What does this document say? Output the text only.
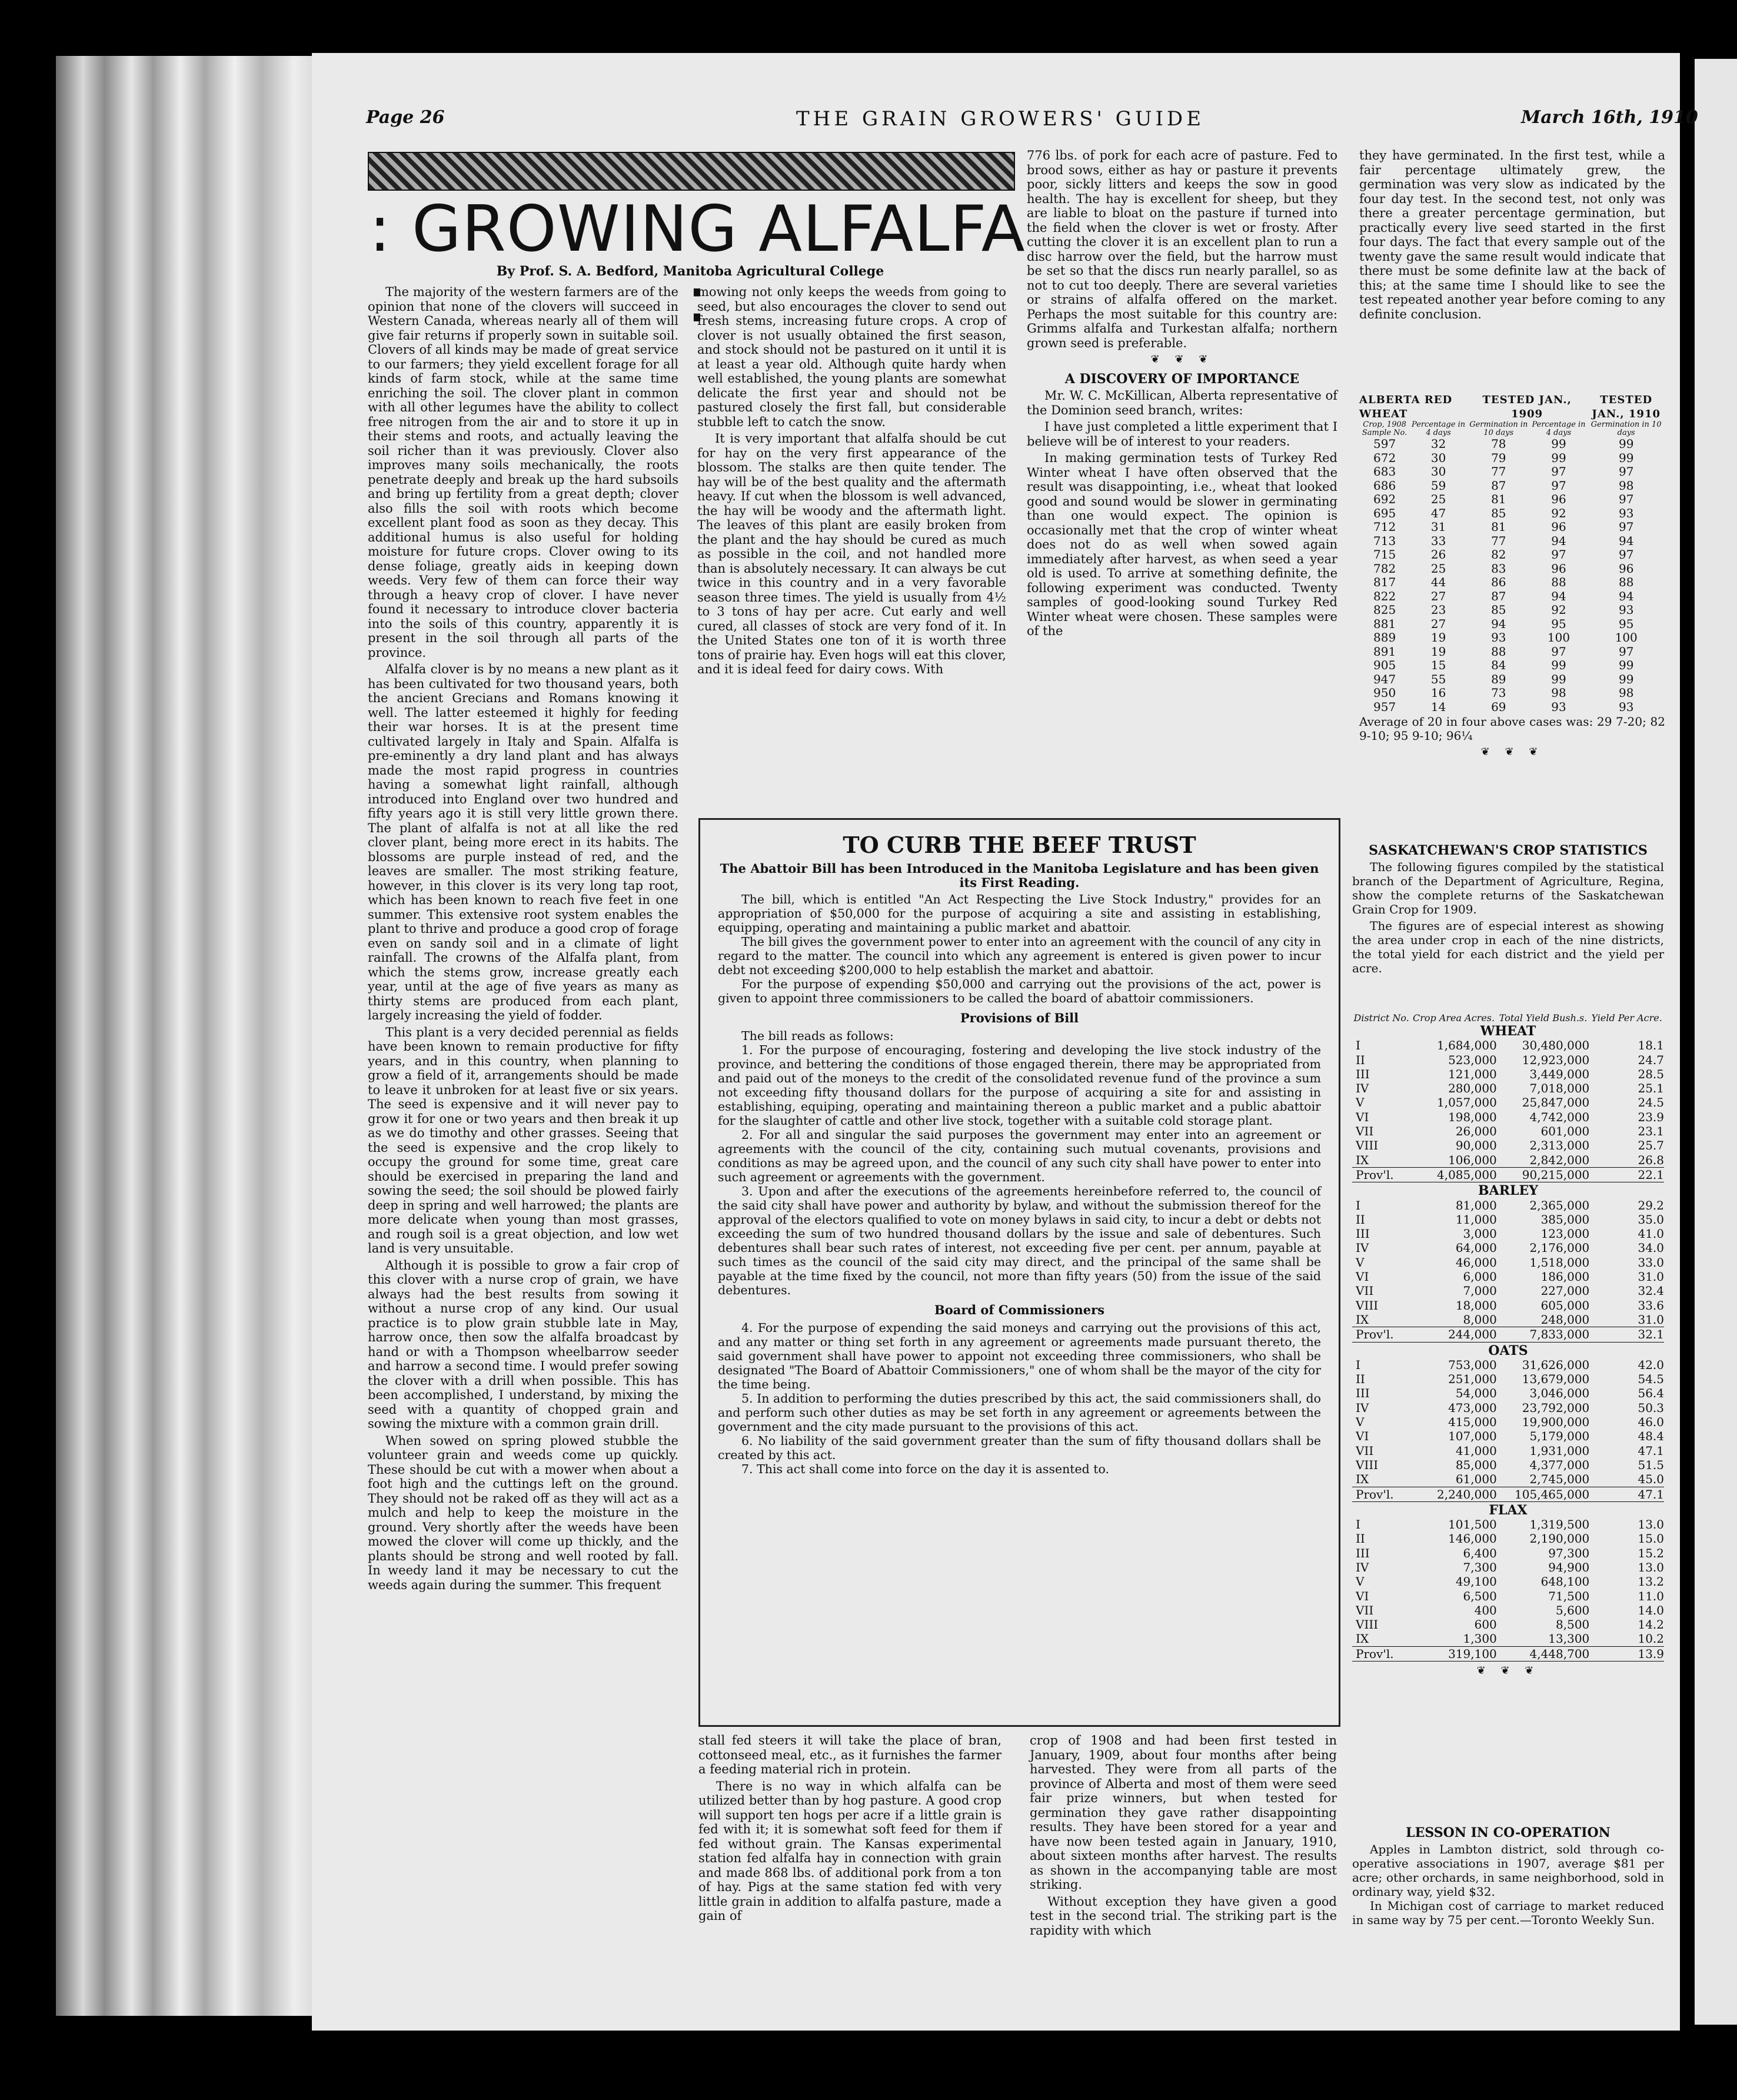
Page 26	THE GRAIN GROWERS' GUIDE	March 16th, 1910
: GROWING ALFALFA :
By Prof. S. A. Bedford, Manitoba Agricultural College

The majority of the western farmers are of the opinion that none of the clovers will succeed in Western Canada, whereas nearly all of them will give fair returns if properly sown in suitable soil. Clovers of all kinds may be made of great service to our farmers; they yield excellent forage for all kinds of farm stock, while at the same time enriching the soil. The clover plant in common with all other legumes have the ability to collect free nitrogen from the air and to store it up in their stems and roots, and actually leaving the soil richer than it was previously. Clover also improves many soils mechanically, the roots penetrate deeply and break up the hard subsoils and bring up fertility from a great depth; clover also fills the soil with roots which become excellent plant food as soon as they decay. This additional humus is also useful for holding moisture for future crops. Clover owing to its dense foliage, greatly aids in keeping down weeds. Very few of them can force their way through a heavy crop of clover. I have never found it necessary to introduce clover bacteria into the soils of this country, apparently it is present in the soil through all parts of the province.

Alfalfa clover is by no means a new plant as it has been cultivated for two thousand years, both the ancient Grecians and Romans knowing it well. The latter esteemed it highly for feeding their war horses. It is at the present time cultivated largely in Italy and Spain. Alfalfa is pre-eminently a dry land plant and has always made the most rapid progress in countries having a somewhat light rainfall, although introduced into England over two hundred and fifty years ago it is still very little grown there. The plant of alfalfa is not at all like the red clover plant, being more erect in its habits. The blossoms are purple instead of red, and the leaves are smaller. The most striking feature, however, in this clover is its very long tap root, which has been known to reach five feet in one summer. This extensive root system enables the plant to thrive and produce a good crop of forage even on sandy soil and in a climate of light rainfall. The crowns of the Alfalfa plant, from which the stems grow, increase greatly each year, until at the age of five years as many as thirty stems are produced from each plant, largely increasing the yield of fodder.

This plant is a very decided perennial as fields have been known to remain productive for fifty years, and in this country, when planning to grow a field of it, arrangements should be made to leave it unbroken for at least five or six years. The seed is expensive and it will never pay to grow it for one or two years and then break it up as we do timothy and other grasses. Seeing that the seed is expensive and the crop likely to occupy the ground for some time, great care should be exercised in preparing the land and sowing the seed; the soil should be plowed fairly deep in spring and well harrowed; the plants are more delicate when young than most grasses, and rough soil is a great objection, and low wet land is very unsuitable.

Although it is possible to grow a fair crop of this clover with a nurse crop of grain, we have always had the best results from sowing it without a nurse crop of any kind. Our usual practice is to plow grain stubble late in May, harrow once, then sow the alfalfa broadcast by hand or with a Thompson wheelbarrow seeder and harrow a second time. I would prefer sowing the clover with a drill when possible. This has been accomplished, I understand, by mixing the seed with a quantity of chopped grain and sowing the mixture with a common grain drill.

When sowed on spring plowed stubble the volunteer grain and weeds come up quickly. These should be cut with a mower when about a foot high and the cuttings left on the ground. They should not be raked off as they will act as a mulch and help to keep the moisture in the ground. Very shortly after the weeds have been mowed the clover will come up thickly, and the plants should be strong and well rooted by fall. In weedy land it may be necessary to cut the weeds again during the summer. This frequent

mowing not only keeps the weeds from going to seed, but also encourages the clover to send out fresh stems, increasing future crops. A crop of clover is not usually obtained the first season, and stock should not be pastured on it until it is at least a year old. Although quite hardy when well established, the young plants are somewhat delicate the first year and should not be pastured closely the first fall, but considerable stubble left to catch the snow.

It is very important that alfalfa should be cut for hay on the very first appearance of the blossom. The stalks are then quite tender. The hay will be of the best quality and the aftermath heavy. If cut when the blossom is well advanced, the hay will be woody and the aftermath light. The leaves of this plant are easily broken from the plant and the hay should be cured as much as possible in the coil, and not handled more than is absolutely necessary. It can always be cut twice in this country and in a very favorable season three times. The yield is usually from 4½ to 3 tons of hay per acre. Cut early and well cured, all classes of stock are very fond of it. In the United States one ton of it is worth three tons of prairie hay. Even hogs will eat this clover, and it is ideal feed for dairy cows. With

776 lbs. of pork for each acre of pasture. Fed to brood sows, either as hay or pasture it prevents poor, sickly litters and keeps the sow in good health. The hay is excellent for sheep, but they are liable to bloat on the pasture if turned into the field when the clover is wet or frosty. After cutting the clover it is an excellent plan to run a disc harrow over the field, but the harrow must be set so that the discs run nearly parallel, so as not to cut too deeply. There are several varieties or strains of alfalfa offered on the market. Perhaps the most suitable for this country are: Grimms alfalfa and Turkestan alfalfa; northern grown seed is preferable.

❦ ❦ ❦
A DISCOVERY OF IMPORTANCE

Mr. W. C. McKillican, Alberta representative of the Dominion seed branch, writes:

I have just completed a little experiment that I believe will be of interest to your readers.

In making germination tests of Turkey Red Winter wheat I have often observed that the result was disappointing, i.e., wheat that looked good and sound would be slower in germinating than one would expect. The opinion is occasionally met that the crop of winter wheat does not do as well when sowed again immediately after harvest, as when seed a year old is used. To arrive at something definite, the following experiment was conducted. Twenty samples of good-looking sound Turkey Red Winter wheat were chosen. These samples were of the

they have germinated. In the first test, while a fair percentage ultimately grew, the germination was very slow as indicated by the four day test. In the second test, not only was there a greater percentage germination, but practically every live seed started in the first four days. The fact that every sample out of the twenty gave the same result would indicate that there must be some definite law at the back of this; at the same time I should like to see the test repeated another year before coming to any definite conclusion.

ALBERTA RED WHEAT		TESTED JAN., 1909		TESTED JAN., 1910
Crop, 1908 Sample No.	Percentage in 4 days	Germination in 10 days	Percentage in 4 days	Germination in 10 days
597	32	78	99	99
672	30	79	99	99
683	30	77	97	97
686	59	87	97	98
692	25	81	96	97
695	47	85	92	93
712	31	81	96	97
713	33	77	94	94
715	26	82	97	97
782	25	83	96	96
817	44	86	88	88
822	27	87	94	94
825	23	85	92	93
881	27	94	95	95
889	19	93	100	100
891	19	88	97	97
905	15	84	99	99
947	55	89	99	99
950	16	73	98	98
957	14	69	93	93
Average of 20 in four above cases was: 29 7-20; 82 9-10; 95 9-10; 96¼
❦ ❦ ❦
SASKATCHEWAN'S CROP STATISTICS

The following figures compiled by the statistical branch of the Department of Agriculture, Regina, show the complete returns of the Saskatchewan Grain Crop for 1909.

The figures are of especial interest as showing the area under crop in each of the nine districts, the total yield for each district and the yield per acre.

District No.	Crop Area Acres.	Total Yield Bush.s.	Yield Per Acre.
WHEAT			
I	1,684,000	30,480,000	18.1
II	523,000	12,923,000	24.7
III	121,000	3,449,000	28.5
IV	280,000	7,018,000	25.1
V	1,057,000	25,847,000	24.5
VI	198,000	4,742,000	23.9
VII	26,000	601,000	23.1
VIII	90,000	2,313,000	25.7
IX	106,000	2,842,000	26.8
Prov'l.	4,085,000	90,215,000	22.1
BARLEY			
I	81,000	2,365,000	29.2
II	11,000	385,000	35.0
III	3,000	123,000	41.0
IV	64,000	2,176,000	34.0
V	46,000	1,518,000	33.0
VI	6,000	186,000	31.0
VII	7,000	227,000	32.4
VIII	18,000	605,000	33.6
IX	8,000	248,000	31.0
Prov'l.	244,000	7,833,000	32.1
OATS			
I	753,000	31,626,000	42.0
II	251,000	13,679,000	54.5
III	54,000	3,046,000	56.4
IV	473,000	23,792,000	50.3
V	415,000	19,900,000	46.0
VI	107,000	5,179,000	48.4
VII	41,000	1,931,000	47.1
VIII	85,000	4,377,000	51.5
IX	61,000	2,745,000	45.0
Prov'l.	2,240,000	105,465,000	47.1
FLAX			
I	101,500	1,319,500	13.0
II	146,000	2,190,000	15.0
III	6,400	97,300	15.2
IV	7,300	94,900	13.0
V	49,100	648,100	13.2
VI	6,500	71,500	11.0
VII	400	5,600	14.0
VIII	600	8,500	14.2
IX	1,300	13,300	10.2
Prov'l.	319,100	4,448,700	13.9
❦ ❦ ❦
LESSON IN CO-OPERATION

Apples in Lambton district, sold through co-operative associations in 1907, average $81 per acre; other orchards, in same neighborhood, sold in ordinary way, yield $32.

In Michigan cost of carriage to market reduced in same way by 75 per cent.—Toronto Weekly Sun.

TO CURB THE BEEF TRUST
The Abattoir Bill has been Introduced in the Manitoba Legislature and has been given its First Reading.

The bill, which is entitled "An Act Respecting the Live Stock Industry," provides for an appropriation of $50,000 for the purpose of acquiring a site and assisting in establishing, equipping, operating and maintaining a public market and abattoir.

The bill gives the government power to enter into an agreement with the council of any city in regard to the matter. The council into which any agreement is entered is given power to incur debt not exceeding $200,000 to help establish the market and abattoir.

For the purpose of expending $50,000 and carrying out the provisions of the act, power is given to appoint three commissioners to be called the board of abattoir commissioners.

Provisions of Bill

The bill reads as follows:

1. For the purpose of encouraging, fostering and developing the live stock industry of the province, and bettering the conditions of those engaged therein, there may be appropriated from and paid out of the moneys to the credit of the consolidated revenue fund of the province a sum not exceeding fifty thousand dollars for the purpose of acquiring a site for and assisting in establishing, equiping, operating and maintaining thereon a public market and a public abattoir for the slaughter of cattle and other live stock, together with a suitable cold storage plant.

2. For all and singular the said purposes the government may enter into an agreement or agreements with the council of the city, containing such mutual covenants, provisions and conditions as may be agreed upon, and the council of any such city shall have power to enter into such agreement or agreements with the government.

3. Upon and after the executions of the agreements hereinbefore referred to, the council of the said city shall have power and authority by bylaw, and without the submission thereof for the approval of the electors qualified to vote on money bylaws in said city, to incur a debt or debts not exceeding the sum of two hundred thousand dollars by the issue and sale of debentures. Such debentures shall bear such rates of interest, not exceeding five per cent. per annum, payable at such times as the council of the said city may direct, and the principal of the same shall be payable at the time fixed by the council, not more than fifty years (50) from the issue of the said debentures.

Board of Commissioners

4. For the purpose of expending the said moneys and carrying out the provisions of this act, and any matter or thing set forth in any agreement or agreements made pursuant thereto, the said government shall have power to appoint not exceeding three commissioners, who shall be designated "The Board of Abattoir Commissioners," one of whom shall be the mayor of the city for the time being.

5. In addition to performing the duties prescribed by this act, the said commissioners shall, do and perform such other duties as may be set forth in any agreement or agreements between the government and the city made pursuant to the provisions of this act.

6. No liability of the said government greater than the sum of fifty thousand dollars shall be created by this act.

7. This act shall come into force on the day it is assented to.

stall fed steers it will take the place of bran, cottonseed meal, etc., as it furnishes the farmer a feeding material rich in protein.

There is no way in which alfalfa can be utilized better than by hog pasture. A good crop will support ten hogs per acre if a little grain is fed with it; it is somewhat soft feed for them if fed without grain. The Kansas experimental station fed alfalfa hay in connection with grain and made 868 lbs. of additional pork from a ton of hay. Pigs at the same station fed with very little grain in addition to alfalfa pasture, made a gain of

crop of 1908 and had been first tested in January, 1909, about four months after being harvested. They were from all parts of the province of Alberta and most of them were seed fair prize winners, but when tested for germination they gave rather disappointing results. They have been stored for a year and have now been tested again in January, 1910, about sixteen months after harvest. The results as shown in the accompanying table are most striking.

Without exception they have given a good test in the second trial. The striking part is the rapidity with which
